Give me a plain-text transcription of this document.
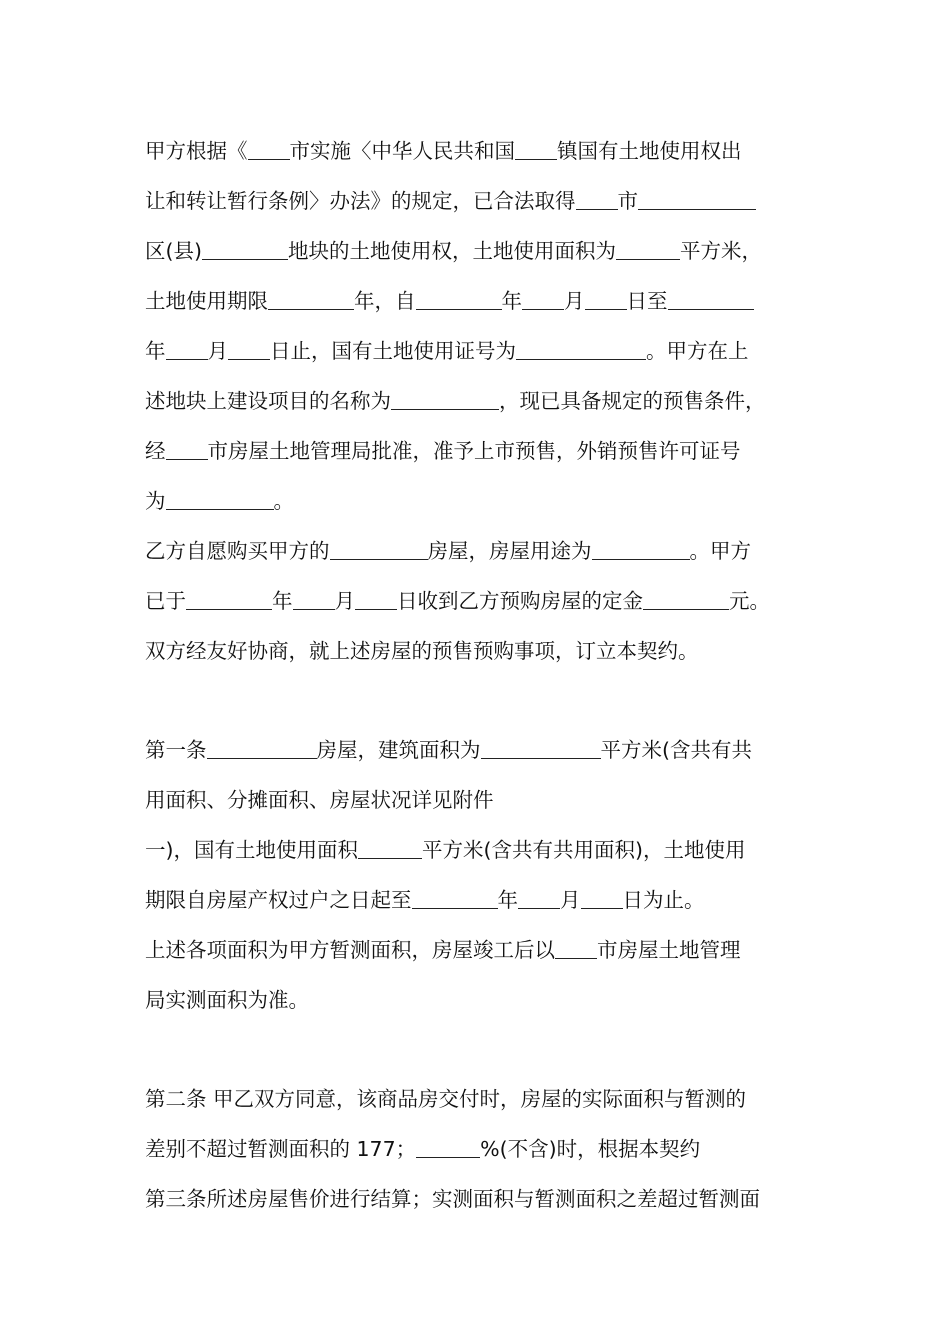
甲方根据《 市实施〈中华人民共和国 镇国有土地使用权出
让和转让暂行条例〉办法》的规定，已合法取得 市
区(县)	地块的土地使用权，土地使用面积为	平方米，
土地使用期限	年，自	年 月 日至
年 月 日止，国有土地使用证号为	。甲方在上
述地块上建设项目的名称为	，现已具备规定的预售条件，
经 市房屋土地管理局批准，准予上市预售，外销预售许可证号
为	。
乙方自愿购买甲方的	房屋，房屋用途为	。甲方
已于	年 月 日收到乙方预购房屋的定金	元。
双方经友好协商，就上述房屋的预售预购事项，订立本契约。
第一条	房屋，建筑面积为	平方米(含共有共
用面积、分摊面积、房屋状况详见附件
一)，国有土地使用面积	平方米(含共有共用面积)，土地使用
期限自房屋产权过户之日起至	年 月 日为止。
上述各项面积为甲方暂测面积，房屋竣工后以 市房屋土地管理
局实测面积为准。
第二条 甲乙双方同意，该商品房交付时，房屋的实际面积与暂测的
差别不超过暂测面积的 177；	%(不含)时，根据本契约
第三条所述房屋售价进行结算；实测面积与暂测面积之差超过暂测面
